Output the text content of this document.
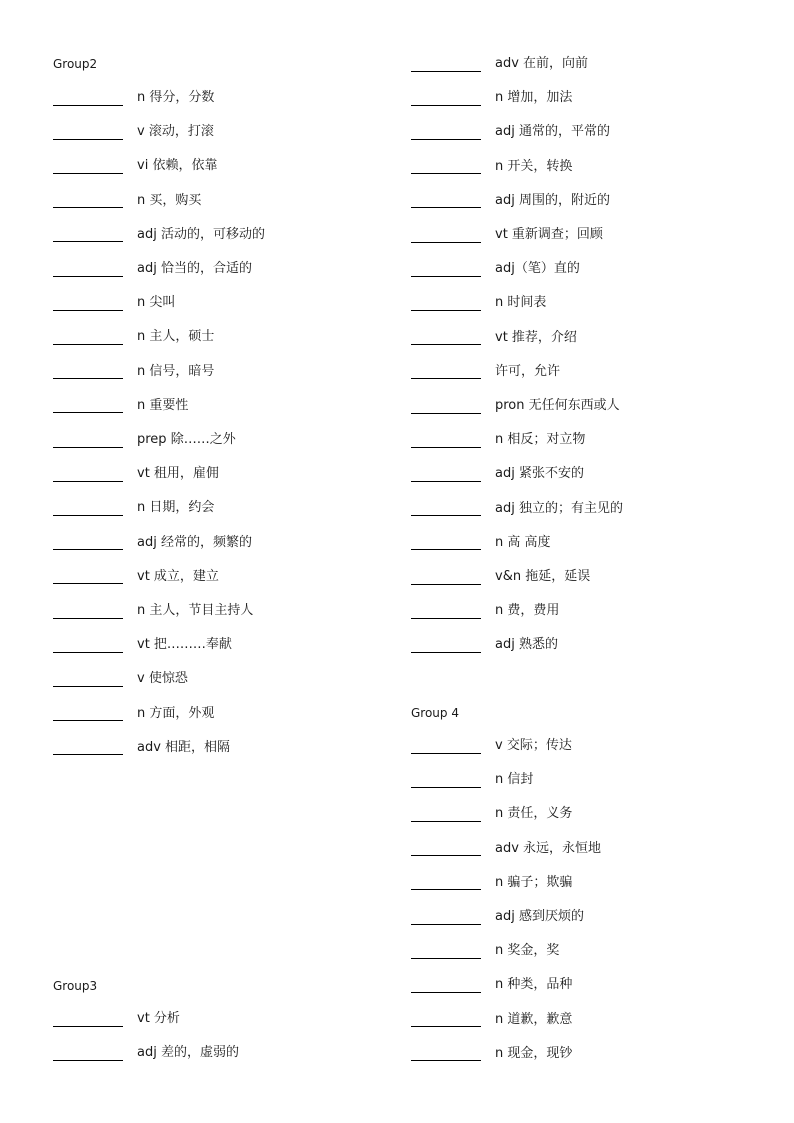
Group2
n 得分，分数
v 滚动，打滚
vi 依赖，依靠
n 买，购买
adj 活动的，可移动的
adj 恰当的，合适的
n 尖叫
n 主人，硕士
n 信号，暗号
n 重要性
prep 除……之外
vt 租用，雇佣
n 日期，约会
adj 经常的，频繁的
vt 成立，建立
n 主人，节目主持人
vt 把………奉献
v 使惊恐
n 方面，外观
adv 相距，相隔
Group3
vt 分析
adj 差的，虚弱的
adv 在前，向前
n 增加，加法
adj 通常的，平常的
n 开关，转换
adj 周围的，附近的
vt 重新调查；回顾
adj（笔）直的
n 时间表
vt 推荐，介绍
许可，允许
pron 无任何东西或人
n 相反；对立物
adj 紧张不安的
adj 独立的；有主见的
n 高 高度
v&n 拖延，延误
n 费，费用
adj 熟悉的
Group 4
v 交际；传达
n 信封
n 责任，义务
adv 永远，永恒地
n 骗子；欺骗
adj 感到厌烦的
n 奖金，奖
n 种类，品种
n 道歉，歉意
n 现金，现钞
